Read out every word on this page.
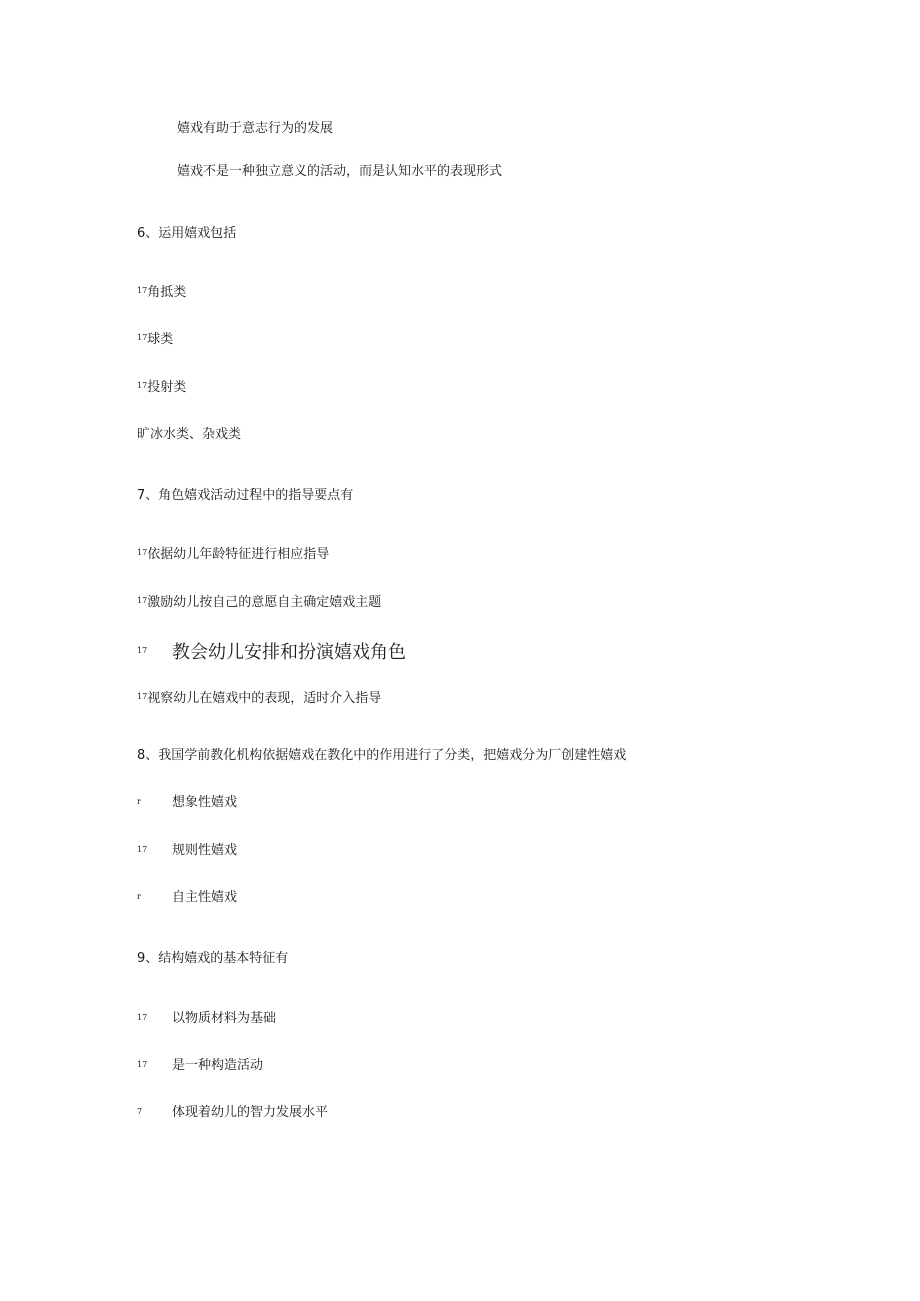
嬉戏有助于意志行为的发展
嬉戏不是一种独立意义的活动，而是认知水平的表现形式
6、运用嬉戏包括
$^{17}$角抵类
$^{17}$球类
$^{17}$投射类
旷冰水类、杂戏类
7、角色嬉戏活动过程中的指导要点有
$^{17}$依据幼儿年龄特征进行相应指导
$^{17}$激励幼儿按自己的意愿自主确定嬉戏主题
17 教会幼儿安排和扮演嬉戏角色
$^{17}$视察幼儿在嬉戏中的表现，适时介入指导
8、我国学前教化机构依据嬉戏在教化中的作用进行了分类，把嬉戏分为厂创建性嬉戏
r 想象性嬉戏
17 规则性嬉戏
r 自主性嬉戏
9、结构嬉戏的基本特征有
17 以物质材料为基础
17 是一种构造活动
7 体现着幼儿的智力发展水平
